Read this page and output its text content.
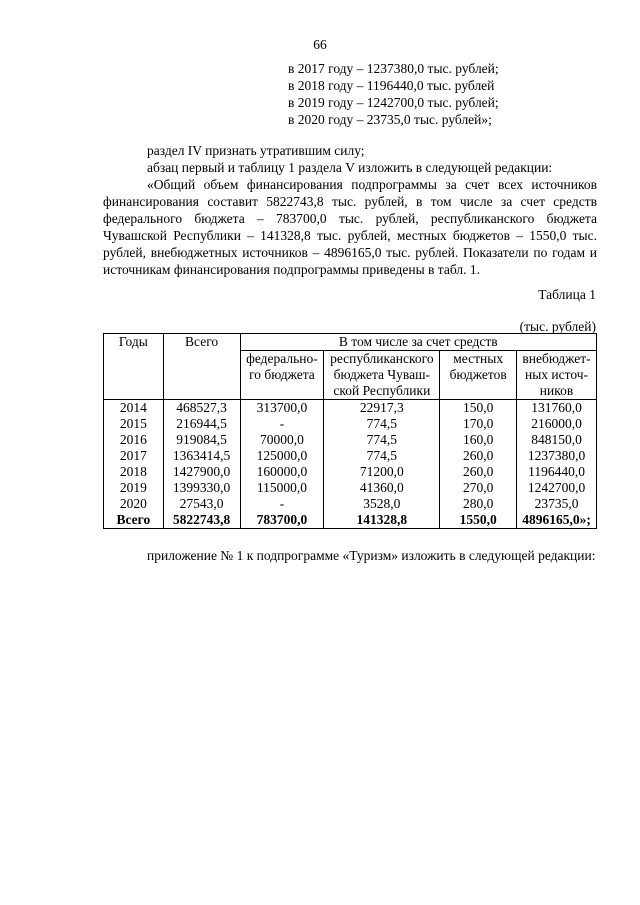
66
в 2017 году – 1237380,0 тыс. рублей;
в 2018 году – 1196440,0 тыс. рублей
в 2019 году – 1242700,0 тыс. рублей;
в 2020 году – 23735,0 тыс. рублей»;
раздел IV признать утратившим силу;
абзац первый и таблицу 1 раздела V изложить в следующей редакции:
«Общий объем финансирования подпрограммы за счет всех источников финансирования составит 5822743,8 тыс. рублей, в том числе за счет средств федерального бюджета – 783700,0 тыс. рублей, республиканского бюджета Чувашской Республики – 141328,8 тыс. рублей, местных бюджетов – 1550,0 тыс. рублей, внебюджетных источников – 4896165,0 тыс. рублей. Показатели по годам и источникам финансирования подпрограммы приведены в табл. 1.
Таблица 1
(тыс. рублей)
Годы	Всего	В том числе за счет средств			
		федерально-го бюджета	республиканского бюджета Чуваш-ской Республики	местных бюджетов	внебюджет-ных источ-ников
2014	468527,3	313700,0	22917,3	150,0	131760,0
2015	216944,5	-	774,5	170,0	216000,0
2016	919084,5	70000,0	774,5	160,0	848150,0
2017	1363414,5	125000,0	774,5	260,0	1237380,0
2018	1427900,0	160000,0	71200,0	260,0	1196440,0
2019	1399330,0	115000,0	41360,0	270,0	1242700,0
2020	27543,0	-	3528,0	280,0	23735,0
Всего	5822743,8	783700,0	141328,8	1550,0	4896165,0»;
приложение № 1 к подпрограмме «Туризм» изложить в следующей редакции:
